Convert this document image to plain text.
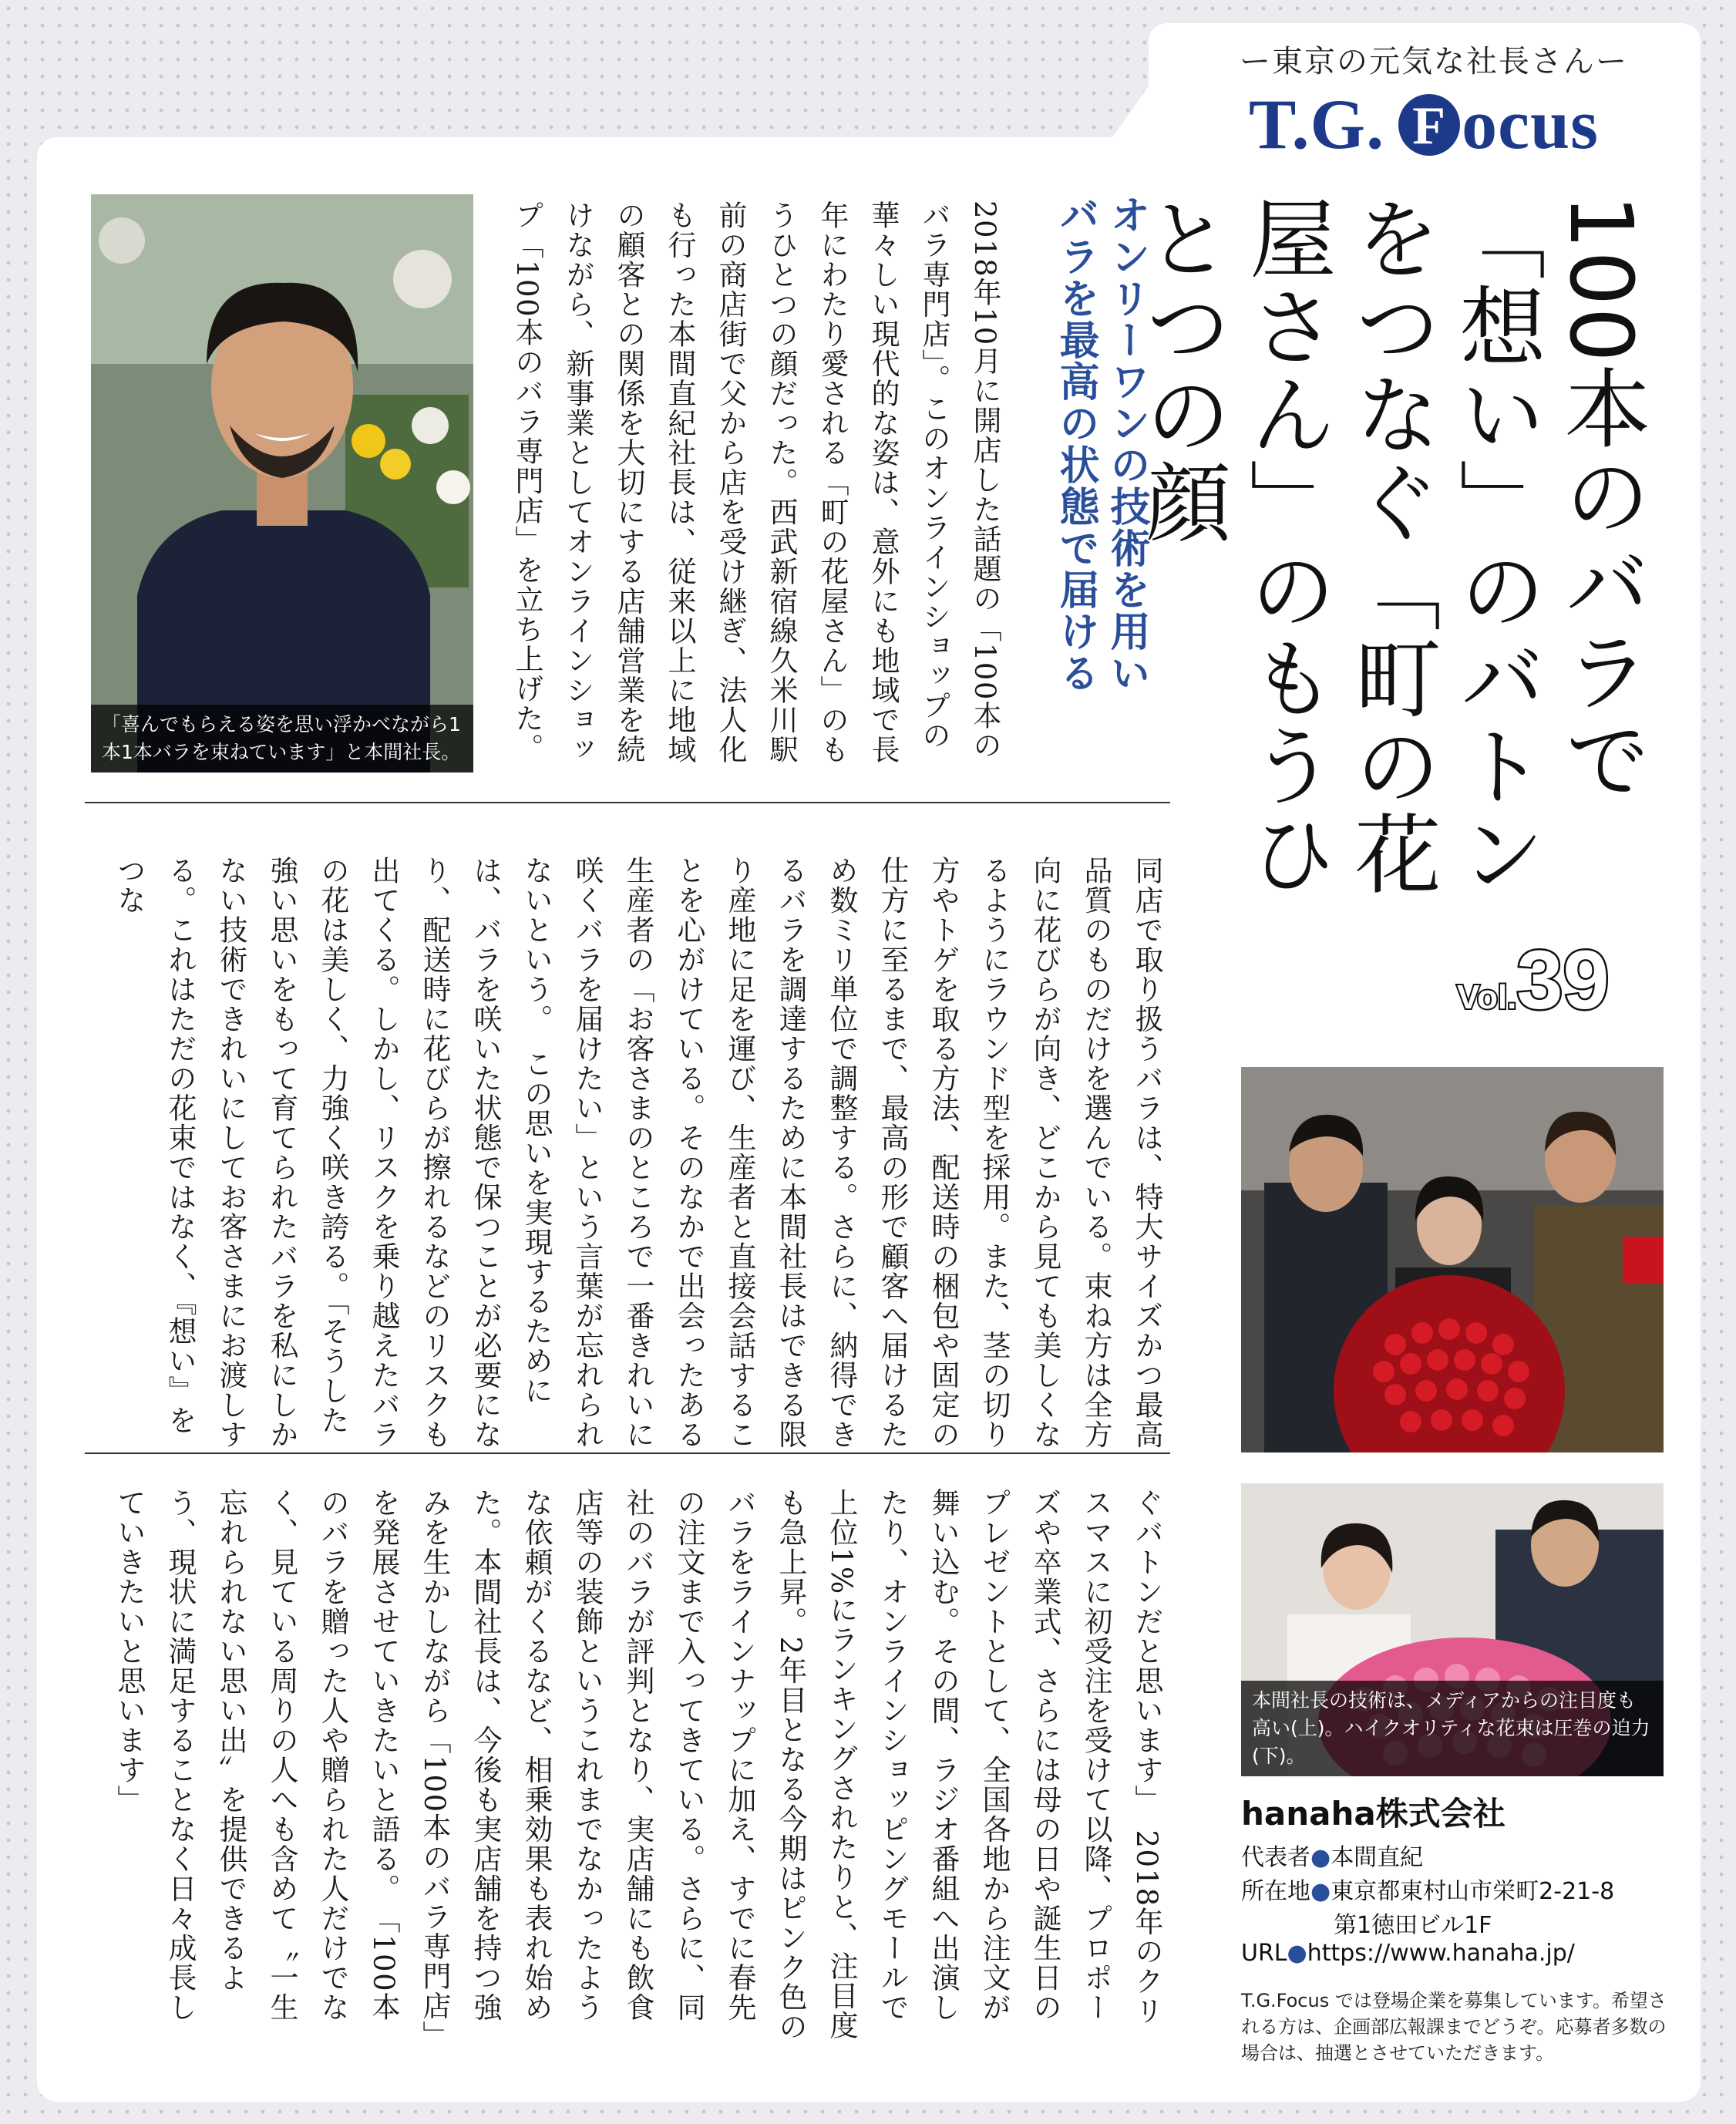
ー東京の元気な社長さんー
T.G. F ocus
100本のバラで「想い」のバトンをつなぐ「町の花屋さん」のもうひとつの顔
Vol.39
オンリーワンの技術を用いバラを最高の状態で届ける
2018年10月に開店した話題の「100本のバラ専門店」。このオンラインショップの華々しい現代的な姿は、意外にも地域で長年にわたり愛される「町の花屋さん」のもうひとつの顔だった。西武新宿線久米川駅前の商店街で父から店を受け継ぎ、法人化も行った本間直紀社長は、従来以上に地域の顧客との関係を大切にする店舗営業を続けながら、新事業としてオンラインショップ「100本のバラ専門店」を立ち上げた。
同店で取り扱うバラは、特大サイズかつ最高品質のものだけを選んでいる。束ね方は全方向に花びらが向き、どこから見ても美しくなるようにラウンド型を採用。また、茎の切り方やトゲを取る方法、配送時の梱包や固定の仕方に至るまで、最高の形で顧客へ届けるため数ミリ単位で調整する。さらに、納得できるバラを調達するために本間社長はできる限り産地に足を運び、生産者と直接会話することを心がけている。そのなかで出会ったある生産者の「お客さまのところで一番きれいに咲くバラを届けたい」という言葉が忘れられないという。　この思いを実現するためには、バラを咲いた状態で保つことが必要になり、配送時に花びらが擦れるなどのリスクも出てくる。しかし、リスクを乗り越えたバラの花は美しく、力強く咲き誇る。「そうした強い思いをもって育てられたバラを私にしかない技術できれいにしてお客さまにお渡しする。これはただの花束ではなく、『想い』をつな
ぐバトンだと思います」　2018年のクリスマスに初受注を受けて以降、プロポーズや卒業式、さらには母の日や誕生日のプレゼントとして、全国各地から注文が舞い込む。その間、ラジオ番組へ出演したり、オンラインショッピングモールで上位1%にランキングされたりと、注目度も急上昇。2年目となる今期はピンク色のバラをラインナップに加え、すでに春先の注文まで入ってきている。さらに、同社のバラが評判となり、実店舗にも飲食店等の装飾というこれまでなかったような依頼がくるなど、相乗効果も表れ始めた。本間社長は、今後も実店舗を持つ強みを生かしながら「100本のバラ専門店」を発展させていきたいと語る。　「100本のバラを贈った人や贈られた人だけでなく、見ている周りの人へも含めて〝一生忘れられない思い出〟を提供できるよう、現状に満足することなく日々成長していきたいと思います」
「喜んでもらえる姿を思い浮かべながら1本1本バラを束ねています」と本間社長。
本間社長の技術は、メディアからの注目度も高い(上)。ハイクオリティな花束は圧巻の迫力(下)。
hanaha株式会社
代表者●本間直紀
所在地●東京都東村山市栄町2-21-8
第1徳田ビル1F
URL●https://www.hanaha.jp/
T.G.Focus では登場企業を募集しています。希望される方は、企画部広報課までどうぞ。応募者多数の場合は、抽選とさせていただきます。
